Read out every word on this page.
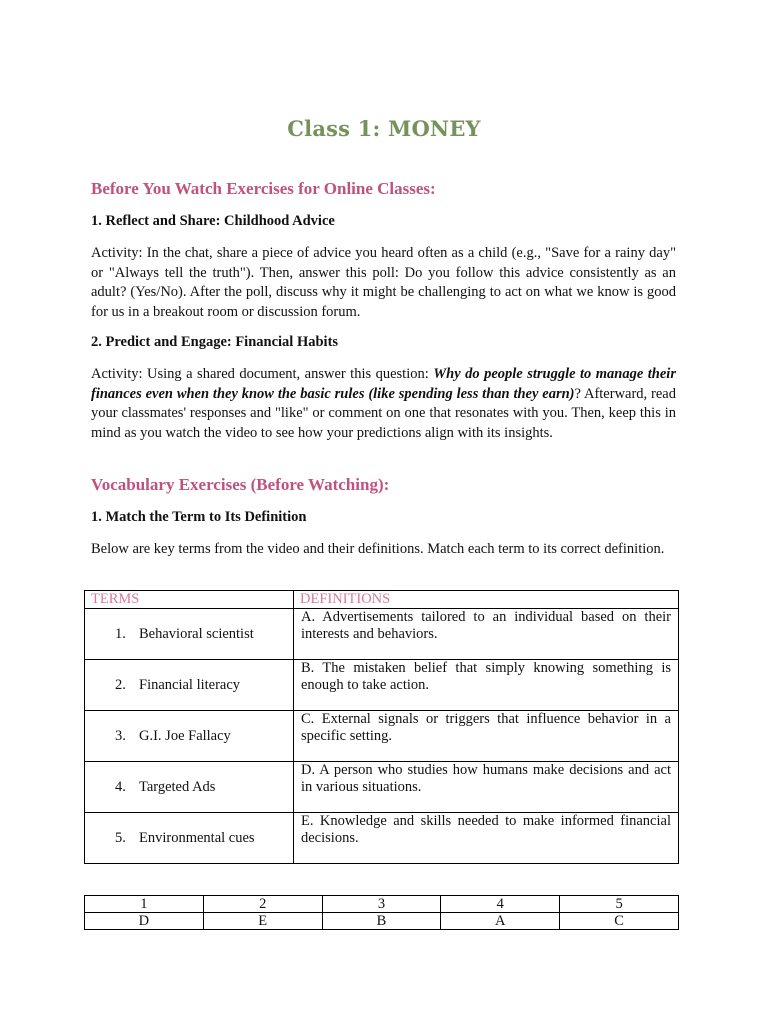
Class 1: MONEY
Before You Watch Exercises for Online Classes:
1. Reflect and Share: Childhood Advice
Activity: In the chat, share a piece of advice you heard often as a child (e.g., "Save for a rainy day" or "Always tell the truth"). Then, answer this poll: Do you follow this advice consistently as an adult? (Yes/No). After the poll, discuss why it might be challenging to act on what we know is good for us in a breakout room or discussion forum.
2. Predict and Engage: Financial Habits
Activity: Using a shared document, answer this question: Why do people struggle to manage their finances even when they know the basic rules (like spending less than they earn)? Afterward, read your classmates' responses and "like" or comment on one that resonates with you. Then, keep this in mind as you watch the video to see how your predictions align with its insights.
Vocabulary Exercises (Before Watching):
1. Match the Term to Its Definition
Below are key terms from the video and their definitions. Match each term to its correct definition.
TERMS	DEFINITIONS
1. Behavioral scientist	A. Advertisements tailored to an individual based on their interests and behaviors.
2. Financial literacy	B. The mistaken belief that simply knowing something is enough to take action.
3. G.I. Joe Fallacy	C. External signals or triggers that influence behavior in a specific setting.
4. Targeted Ads	D. A person who studies how humans make decisions and act in various situations.
5. Environmental cues	E. Knowledge and skills needed to make informed financial decisions.
1	2	3	4	5
D	E	B	A	C
